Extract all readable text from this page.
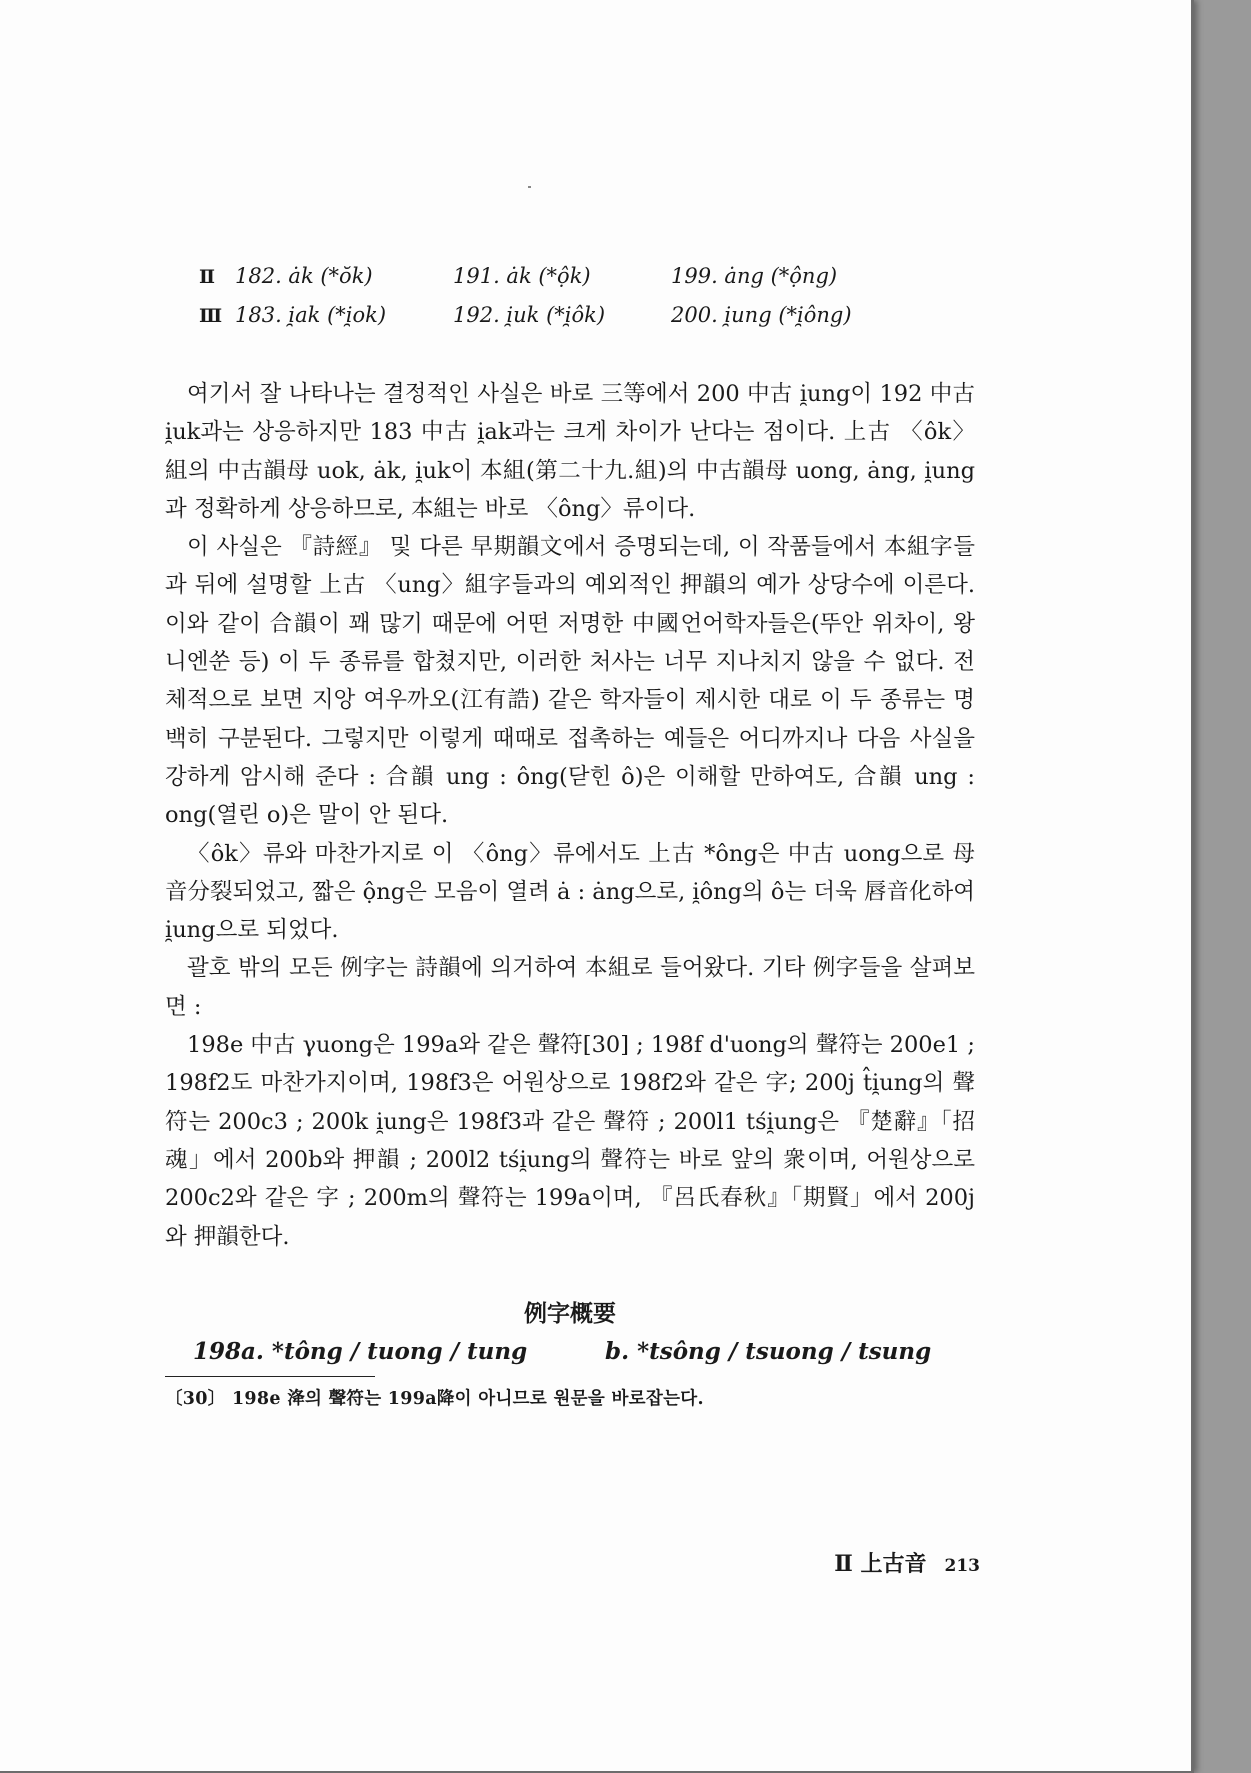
Ⅱ 182. ȧk (*ŏk)	191. ȧk (*ộk)	199. ȧng (*ộng)
Ⅲ 183. i̯ak (*i̯ok)	192. i̯uk (*i̯ôk)	200. i̯ung (*i̯ông)

여기서 잘 나타나는 결정적인 사실은 바로 三等에서 200 中古 i̯ung이 192 中古 i̯uk과는 상응하지만 183 中古 i̯ak과는 크게 차이가 난다는 점이다. 上古 〈ôk〉組의 中古韻母 uok, ȧk, i̯uk이 本組(第二十九.組)의 中古韻母 uong, ȧng, i̯ung과 정확하게 상응하므로, 本組는 바로 〈ông〉류이다.

이 사실은 『詩經』 및 다른 早期韻文에서 증명되는데, 이 작품들에서 本組字들과 뒤에 설명할 上古 〈ung〉組字들과의 예외적인 押韻의 예가 상당수에 이른다. 이와 같이 合韻이 꽤 많기 때문에 어떤 저명한 中國언어학자들은(뚜안 위차이, 왕 니엔쑨 등) 이 두 종류를 합쳤지만, 이러한 처사는 너무 지나치지 않을 수 없다. 전체적으로 보면 지앙 여우까오(江有誥) 같은 학자들이 제시한 대로 이 두 종류는 명백히 구분된다. 그렇지만 이렇게 때때로 접촉하는 예들은 어디까지나 다음 사실을 강하게 암시해 준다 : 合韻 ung : ông(닫힌 ô)은 이해할 만하여도, 合韻 ung : ong(열린 o)은 말이 안 된다.

〈ôk〉류와 마찬가지로 이 〈ông〉류에서도 上古 *ông은 中古 uong으로 母音分裂되었고, 짧은 ộng은 모음이 열려 ȧ : ȧng으로, i̯ông의 ô는 더욱 唇音化하여 i̯ung으로 되었다.

괄호 밖의 모든 例字는 詩韻에 의거하여 本組로 들어왔다. 기타 例字들을 살펴보면 :

198e 中古 γuong은 199a와 같은 聲符[30] ; 198f d'uong의 聲符는 200e1 ; 198f2도 마찬가지이며, 198f3은 어원상으로 198f2와 같은 字; 200j t̂i̯ung의 聲符는 200c3 ; 200k i̯ung은 198f3과 같은 聲符 ; 200l1 tśi̯ung은 『楚辭』「招魂」에서 200b와 押韻 ; 200l2 tśi̯ung의 聲符는 바로 앞의 衆이며, 어원상으로 200c2와 같은 字 ; 200m의 聲符는 199a이며, 『呂氏春秋』「期賢」에서 200j와 押韻한다.

例字概要
198a. *tông / tuong / tung	b. *tsông / tsuong / tsung
〔30〕 198e 洚의 聲符는 199a降이 아니므로 원문을 바로잡는다.
Ⅱ 上古音 213
